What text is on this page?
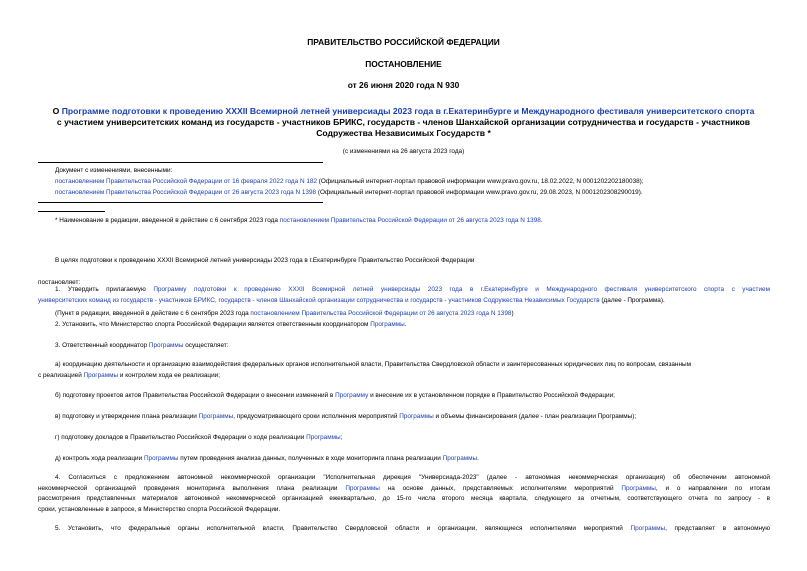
ПРАВИТЕЛЬСТВО РОССИЙСКОЙ ФЕДЕРАЦИИ
ПОСТАНОВЛЕНИЕ
от 26 июня 2020 года N 930
О Программе подготовки к проведению XXXII Всемирной летней универсиады 2023 года в г.Екатеринбурге и Международного фестиваля университетского спорта
с участием университетских команд из государств - участников БРИКС, государств - членов Шанхайской организации сотрудничества и государств - участников
Содружества Независимых Государств *
(с изменениями на 26 августа 2023 года)
Документ с изменениями, внесенными:
постановлением Правительства Российской Федерации от 16 февраля 2022 года N 182 (Официальный интернет-портал правовой информации www.pravo.gov.ru, 18.02.2022, N 0001202202180038);
постановлением Правительства Российской Федерации от 26 августа 2023 года N 1398 (Официальный интернет-портал правовой информации www.pravo.gov.ru, 29.08.2023, N 0001202308290019).
* Наименование в редакции, введенной в действие с 6 сентября 2023 года постановлением Правительства Российской Федерации от 26 августа 2023 года N 1398.
В целях подготовки к проведению XXXII Всемирной летней универсиады 2023 года в г.Екатеринбурге Правительство Российской Федерации
постановляет:
1. Утвердить прилагаемую Программу подготовки к проведению XXXII Всемирной летней универсиады 2023 года в г.Екатеринбурге и Международного фестиваля университетского спорта с участием
университетских команд из государств - участников БРИКС, государств - членов Шанхайской организации сотрудничества и государств - участников Содружества Независимых Государств (далее - Программа).
(Пункт в редакции, введенной в действие с 6 сентября 2023 года постановлением Правительства Российской Федерации от 26 августа 2023 года N 1398)
2. Установить, что Министерство спорта Российской Федерации является ответственным координатором Программы.
3. Ответственный координатор Программы осуществляет:
а) координацию деятельности и организацию взаимодействия федеральных органов исполнительной власти, Правительства Свердловской области и заинтересованных юридических лиц по вопросам, связанным
с реализацией Программы и контролем хода ее реализации;
б) подготовку проектов актов Правительства Российской Федерации о внесении изменений в Программу и внесение их в установленном порядке в Правительство Российской Федерации;
в) подготовку и утверждение плана реализации Программы, предусматривающего сроки исполнения мероприятий Программы и объемы финансирования (далее - план реализации Программы);
г) подготовку докладов в Правительство Российской Федерации о ходе реализации Программы;
д) контроль хода реализации Программы путем проведения анализа данных, полученных в ходе мониторинга плана реализации Программы.
4. Согласиться с предложением автономной некоммерческой организации "Исполнительная дирекция "Универсиада-2023" (далее - автономная некоммерческая организация) об обеспечении автономной
некоммерческой организацией проведения мониторинга выполнения плана реализации Программы на основе данных, представляемых исполнителями мероприятий Программы, и о направлении по итогам
рассмотрения представленных материалов автономной некоммерческой организацией ежеквартально, до 15-го числа второго месяца квартала, следующего за отчетным, соответствующего отчета по запросу - в
сроки, установленные в запросе, в Министерство спорта Российской Федерации.
5. Установить, что федеральные органы исполнительной власти, Правительство Свердловской области и организации, являющиеся исполнителями мероприятий Программы, представляет в автономную
